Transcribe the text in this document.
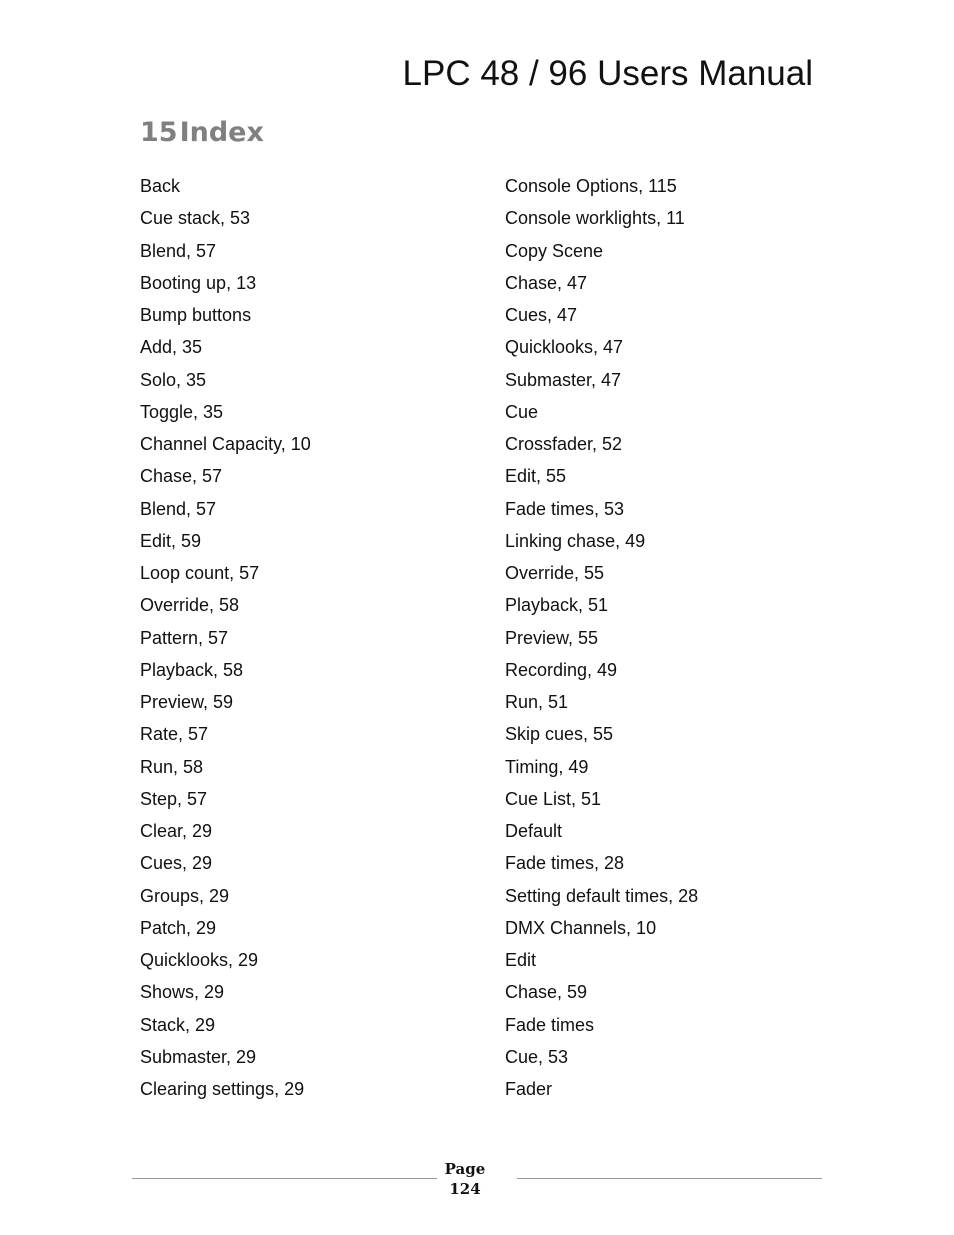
LPC 48 / 96 Users Manual
15Index
Back
Cue stack, 53
Blend, 57
Booting up, 13
Bump buttons
Add, 35
Solo, 35
Toggle, 35
Channel Capacity, 10
Chase, 57
Blend, 57
Edit, 59
Loop count, 57
Override, 58
Pattern, 57
Playback, 58
Preview, 59
Rate, 57
Run, 58
Step, 57
Clear, 29
Cues, 29
Groups, 29
Patch, 29
Quicklooks, 29
Shows, 29
Stack, 29
Submaster, 29
Clearing settings, 29
Console Options, 115
Console worklights, 11
Copy Scene
Chase, 47
Cues, 47
Quicklooks, 47
Submaster, 47
Cue
Crossfader, 52
Edit, 55
Fade times, 53
Linking chase, 49
Override, 55
Playback, 51
Preview, 55
Recording, 49
Run, 51
Skip cues, 55
Timing, 49
Cue List, 51
Default
Fade times, 28
Setting default times, 28
DMX Channels, 10
Edit
Chase, 59
Fade times
Cue, 53
Fader
Page
124
